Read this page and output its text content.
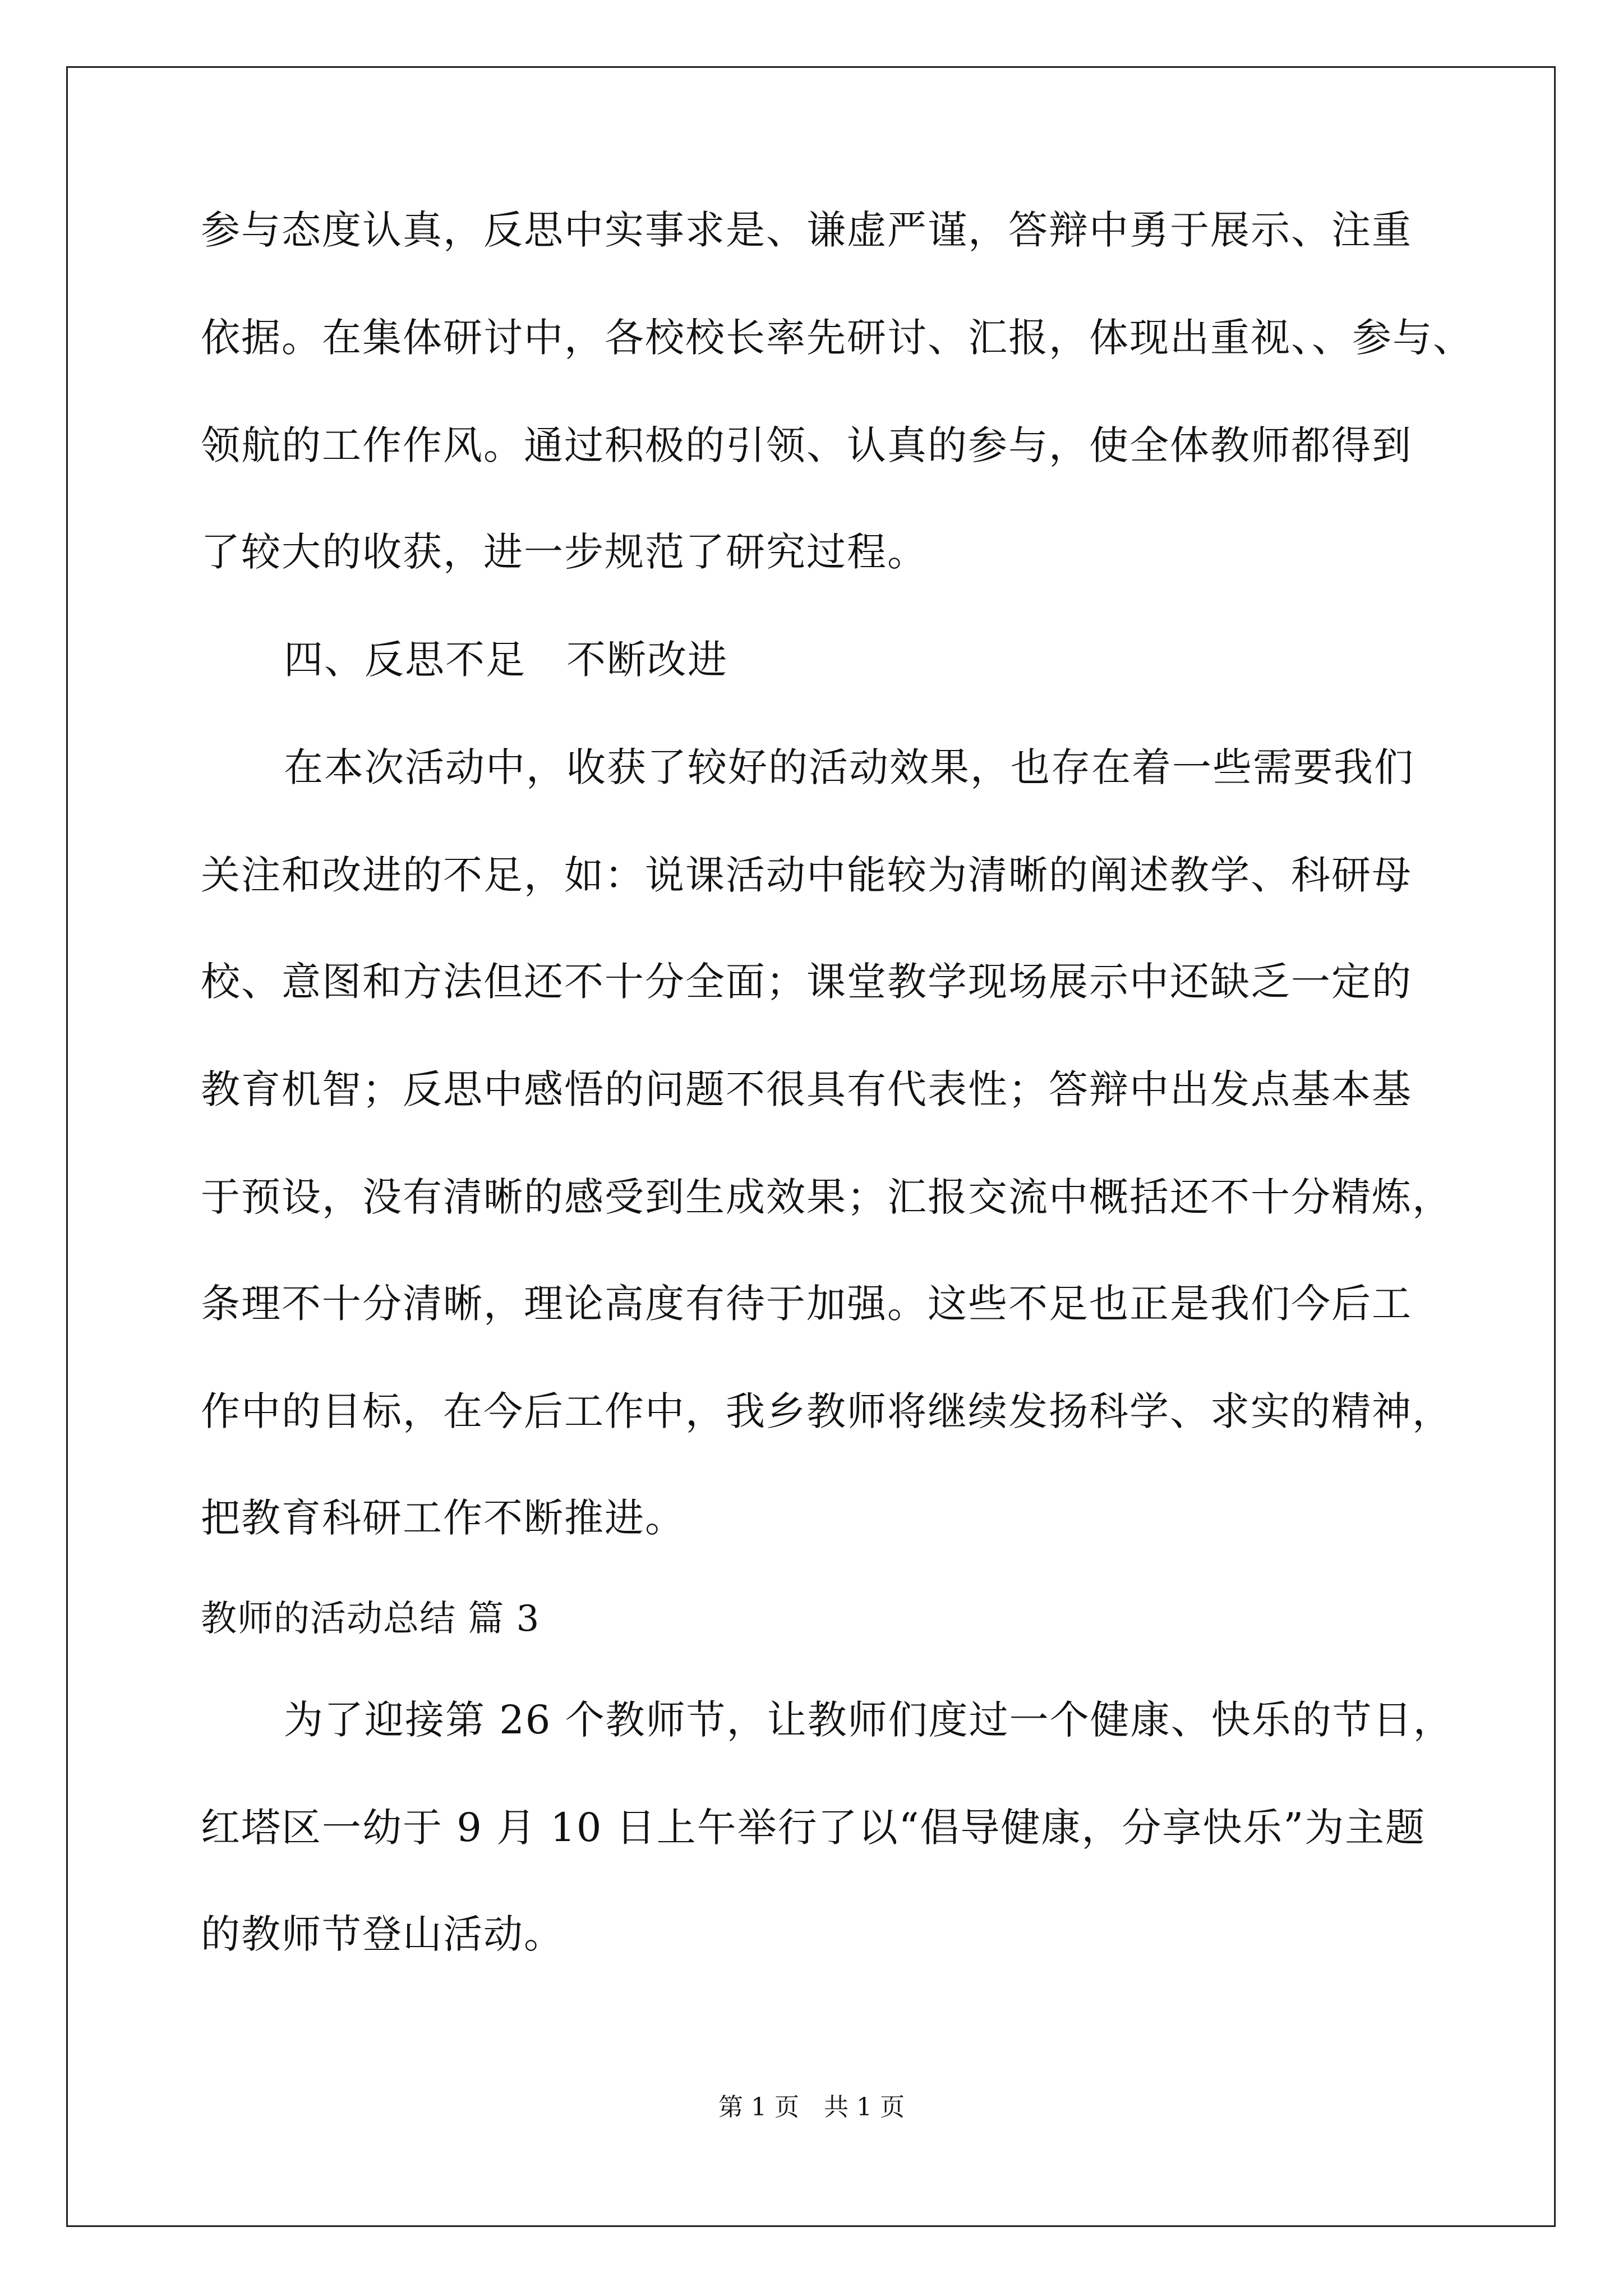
参与态度认真，反思中实事求是、谦虚严谨，答辩中勇于展示、注重
依据。在集体研讨中，各校校长率先研讨、汇报，体现出重视、、参与、
领航的工作作风。通过积极的引领、认真的参与，使全体教师都得到
了较大的收获，进一步规范了研究过程。
四、反思不足　不断改进
在本次活动中，收获了较好的活动效果，也存在着一些需要我们
关注和改进的不足，如：说课活动中能较为清晰的阐述教学、科研母
校、意图和方法但还不十分全面；课堂教学现场展示中还缺乏一定的
教育机智；反思中感悟的问题不很具有代表性；答辩中出发点基本基
于预设，没有清晰的感受到生成效果；汇报交流中概括还不十分精炼，
条理不十分清晰，理论高度有待于加强。这些不足也正是我们今后工
作中的目标，在今后工作中，我乡教师将继续发扬科学、求实的精神，
把教育科研工作不断推进。
教师的活动总结 篇 3
为了迎接第 26 个教师节，让教师们度过一个健康、快乐的节日，
红塔区一幼于 9 月 10 日上午举行了以“倡导健康，分享快乐”为主题
的教师节登山活动。
第 1 页　共 1 页
